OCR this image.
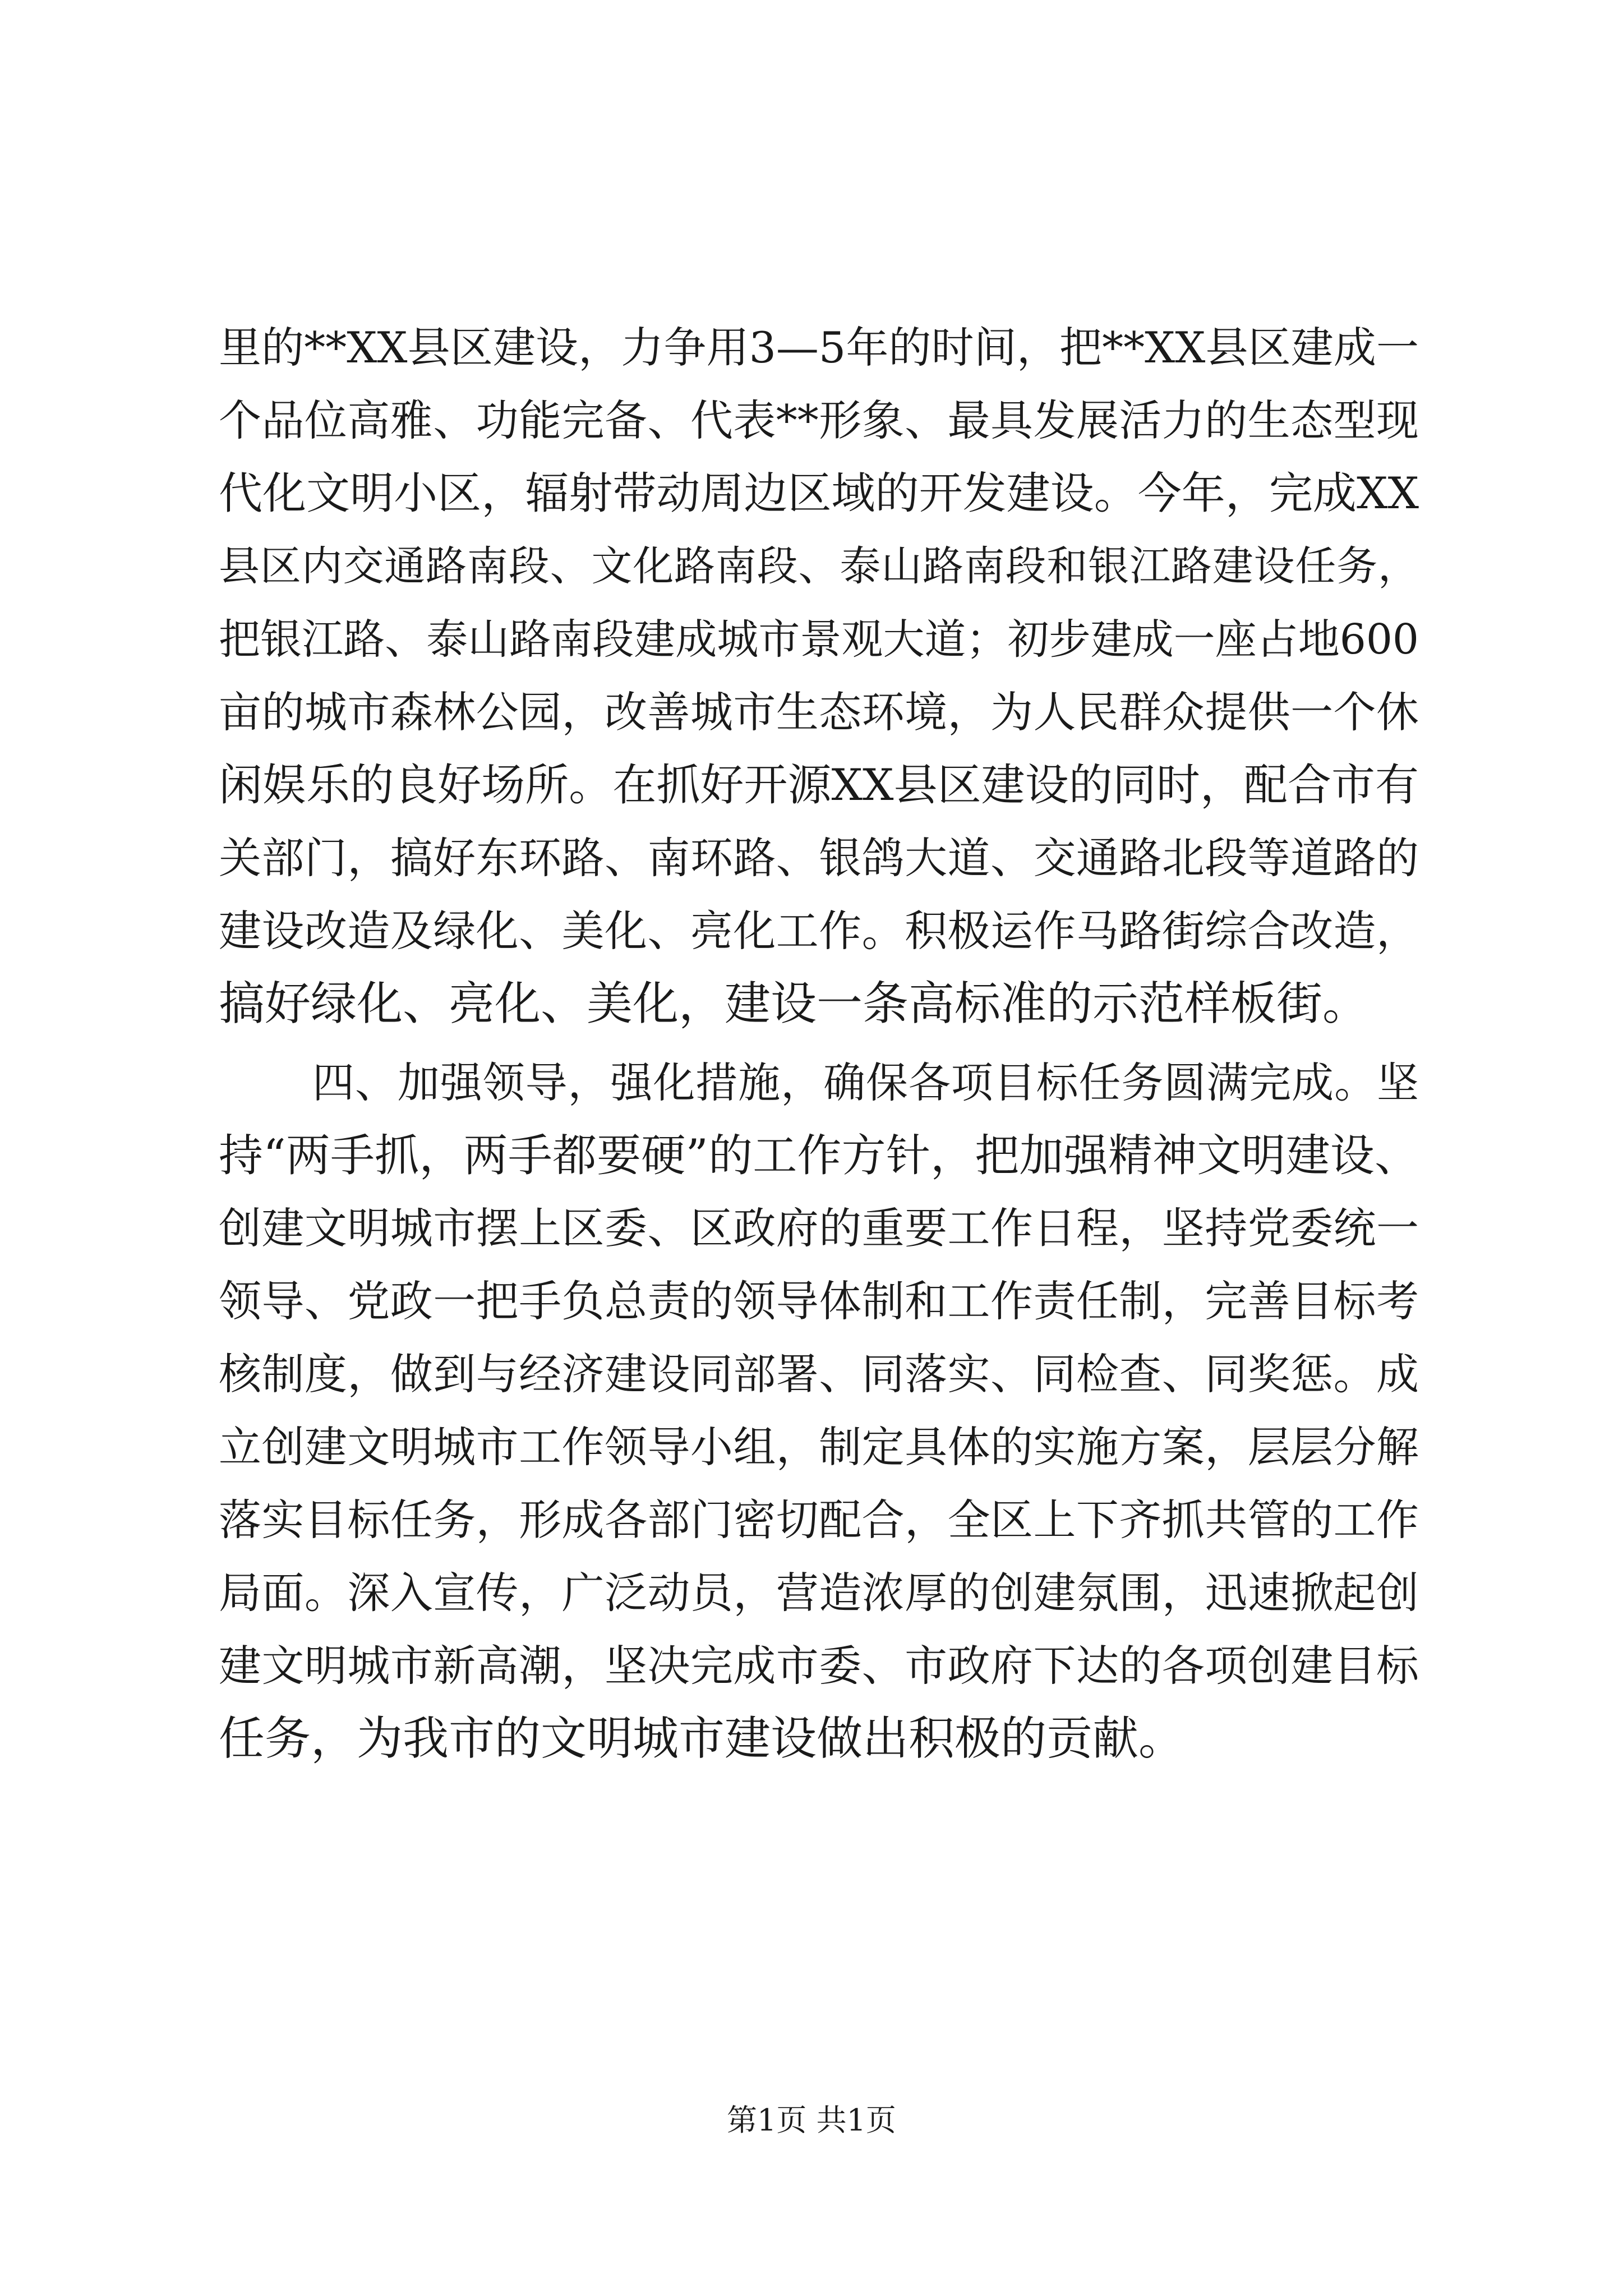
里的**XX县区建设，力争用3—5年的时间，把**XX县区建成一
个品位高雅、功能完备、代表**形象、最具发展活力的生态型现
代化文明小区，辐射带动周边区域的开发建设。今年，完成XX
县区内交通路南段、文化路南段、泰山路南段和银江路建设任务，
把银江路、泰山路南段建成城市景观大道；初步建成一座占地600
亩的城市森林公园，改善城市生态环境，为人民群众提供一个休
闲娱乐的良好场所。在抓好开源XX县区建设的同时，配合市有
关部门，搞好东环路、南环路、银鸽大道、交通路北段等道路的
建设改造及绿化、美化、亮化工作。积极运作马路街综合改造，
搞好绿化、亮化、美化，建设一条高标准的示范样板街。
四、加强领导，强化措施，确保各项目标任务圆满完成。坚
持“两手抓，两手都要硬”的工作方针，把加强精神文明建设、
创建文明城市摆上区委、区政府的重要工作日程，坚持党委统一
领导、党政一把手负总责的领导体制和工作责任制，完善目标考
核制度，做到与经济建设同部署、同落实、同检查、同奖惩。成
立创建文明城市工作领导小组，制定具体的实施方案，层层分解
落实目标任务，形成各部门密切配合，全区上下齐抓共管的工作
局面。深入宣传，广泛动员，营造浓厚的创建氛围，迅速掀起创
建文明城市新高潮，坚决完成市委、市政府下达的各项创建目标
任务，为我市的文明城市建设做出积极的贡献。
第1页 共1页
